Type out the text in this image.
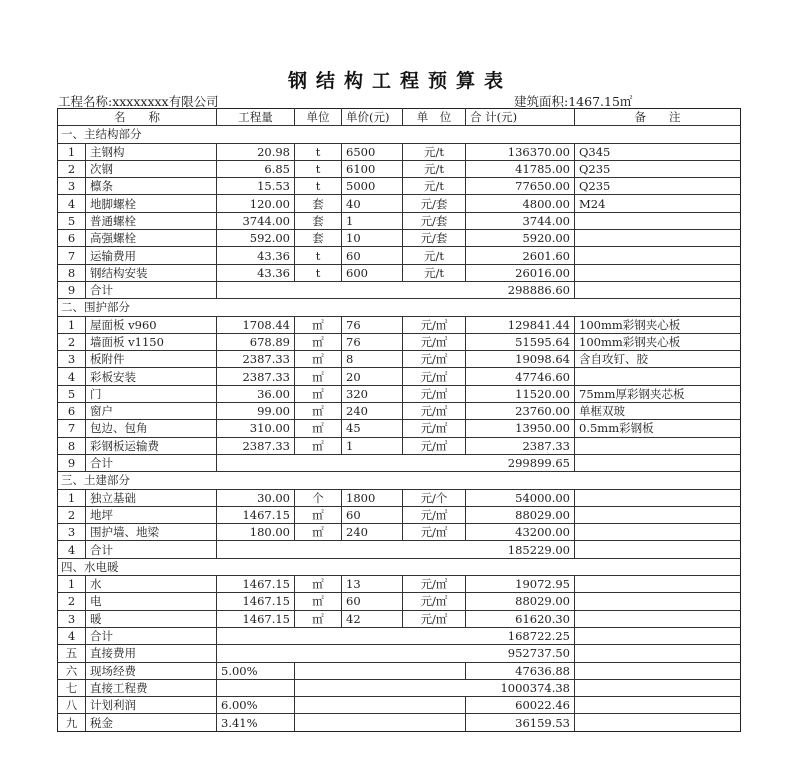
钢结构工程预算表
工程名称:xxxxxxxx有限公司	建筑面积:1467.15㎡
名　　称		工程量	单位	单价(元)	单　位	合 计(元)	备　　注
一、主结构部分							
1	主钢构	20.98	t	6500	元/t	136370.00	Q345
2	次钢	6.85	t	6100	元/t	41785.00	Q235
3	檩条	15.53	t	5000	元/t	77650.00	Q235
4	地脚螺栓	120.00	套	40	元/套	4800.00	M24
5	普通螺栓	3744.00	套	1	元/套	3744.00	
6	高强螺栓	592.00	套	10	元/套	5920.00	
7	运输费用	43.36	t	60	元/t	2601.60	
8	钢结构安装	43.36	t	600	元/t	26016.00	
9	合计	298886.60					
二、围护部分							
1	屋面板 v960	1708.44	㎡	76	元/㎡	129841.44	100mm彩钢夹心板
2	墙面板 v1150	678.89	㎡	76	元/㎡	51595.64	100mm彩钢夹心板
3	板附件	2387.33	㎡	8	元/㎡	19098.64	含自攻钉、胶
4	彩板安装	2387.33	㎡	20	元/㎡	47746.60	
5	门	36.00	㎡	320	元/㎡	11520.00	75mm厚彩钢夹芯板
6	窗户	99.00	㎡	240	元/㎡	23760.00	单框双玻
7	包边、包角	310.00	㎡	45	元/㎡	13950.00	0.5mm彩钢板
8	彩钢板运输费	2387.33	㎡	1	元/㎡	2387.33	
9	合计	299899.65					
三、土建部分							
1	独立基础	30.00	个	1800	元/个	54000.00	
2	地坪	1467.15	㎡	60	元/㎡	88029.00	
3	围护墙、地梁	180.00	㎡	240	元/㎡	43200.00	
4	合计	185229.00					
四、水电暖							
1	水	1467.15	㎡	13	元/㎡	19072.95	
2	电	1467.15	㎡	60	元/㎡	88029.00	
3	暖	1467.15	㎡	42	元/㎡	61620.30	
4	合计	168722.25					
五	直接费用	952737.50					
六	现场经费	5.00%				47636.88	
七	直接工程费		1000374.38				
八	计划利润	6.00%				60022.46	
九	税金	3.41%				36159.53	
